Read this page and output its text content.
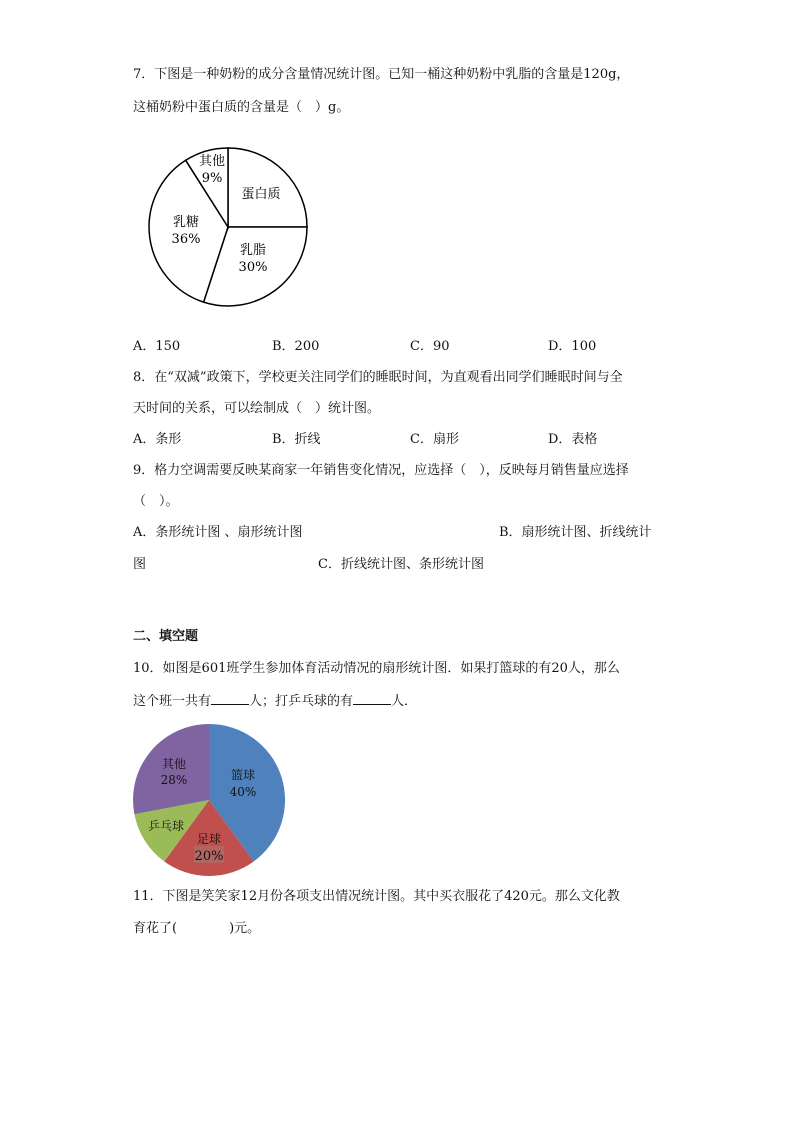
7．下图是一种奶粉的成分含量情况统计图。已知一桶这种奶粉中乳脂的含量是120g，
这桶奶粉中蛋白质的含量是（　）g。
其他
9%
蛋白质
乳糖
36%
乳脂
30%
A．150	B．200	C．90	D．100
8．在“双减”政策下，学校更关注同学们的睡眠时间，为直观看出同学们睡眠时间与全
天时间的关系，可以绘制成（　）统计图。
A．条形	B．折线	C．扇形	D．表格
9．格力空调需要反映某商家一年销售变化情况，应选择（　），反映每月销售量应选择
（　）。
A．条形统计图 、扇形统计图	B．扇形统计图、折线统计
图	C．折线统计图、条形统计图
二、填空题
10．如图是601班学生参加体育活动情况的扇形统计图．如果打篮球的有20人，那么
这个班一共有	人；打乒乓球的有	人．
其他
28%	篮球
40%
乒乓球
足球
20%
11．下图是笑笑家12月份各项支出情况统计图。其中买衣服花了420元。那么文化教
育花了(　　　　)元。
